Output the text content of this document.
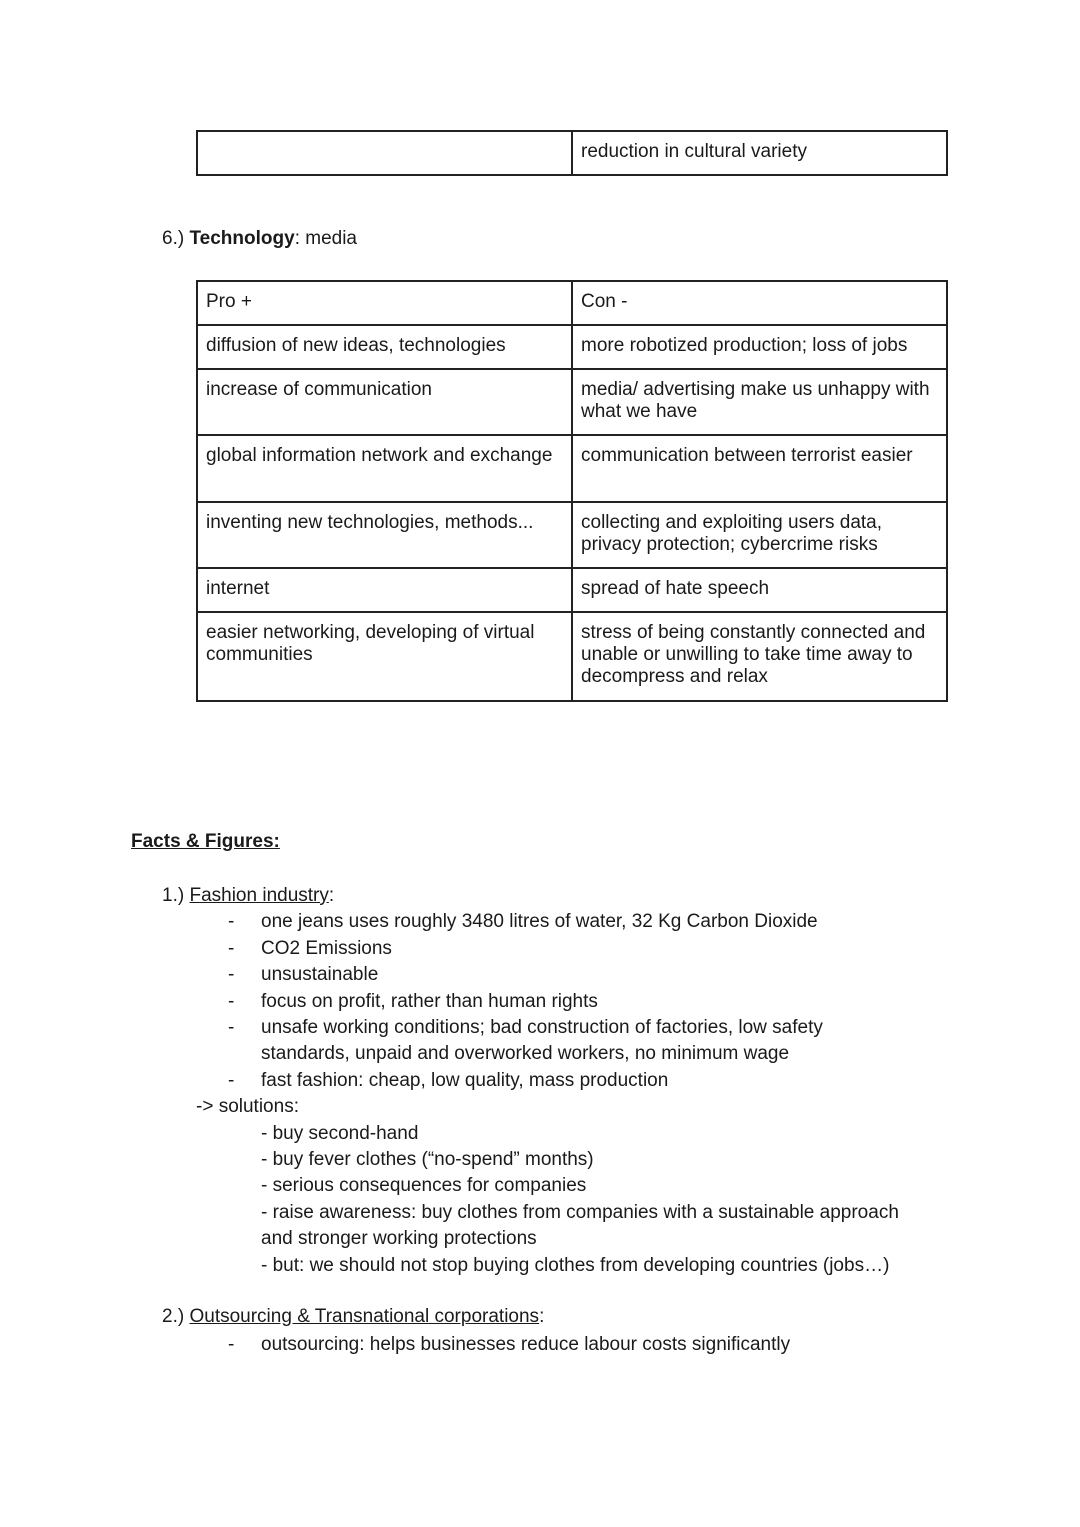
	reduction in cultural variety
6.) Technology: media
Pro +	Con -
diffusion of new ideas, technologies	more robotized production; loss of jobs
increase of communication	media/ advertising make us unhappy with what we have
global information network and exchange	communication between terrorist easier
inventing new technologies, methods...	collecting and exploiting users data, privacy protection; cybercrime risks
internet	spread of hate speech
easier networking, developing of virtual communities	stress of being constantly connected and unable or unwilling to take time away to decompress and relax
Facts & Figures:
1.) Fashion industry:
- one jeans uses roughly 3480 litres of water, 32 Kg Carbon Dioxide
- CO2 Emissions
- unsustainable
- focus on profit, rather than human rights
- unsafe working conditions; bad construction of factories, low safety
standards, unpaid and overworked workers, no minimum wage
- fast fashion: cheap, low quality, mass production
-> solutions:
- buy second-hand
- buy fever clothes (“no-spend” months)
- serious consequences for companies
- raise awareness: buy clothes from companies with a sustainable approach
and stronger working protections
- but: we should not stop buying clothes from developing countries (jobs…)
2.) Outsourcing & Transnational corporations:
- outsourcing: helps businesses reduce labour costs significantly
